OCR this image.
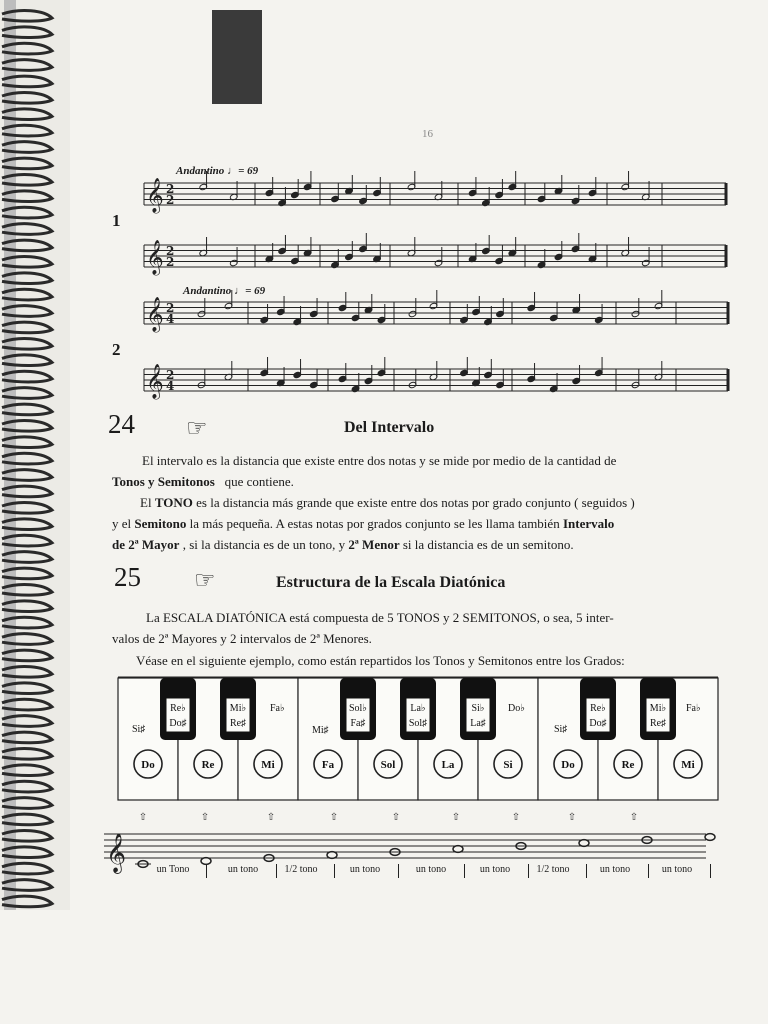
16
Andantino ♩= 69
1
Andantino ♩= 69
2
𝄞 2
2
𝄞 2
2
𝄞 2
4
𝄞 2
4
24 ☞	Del Intervalo
El intervalo es la distancia que existe entre dos notas y se mide por medio de la cantidad de
Tonos y Semitonos que contiene.
El TONO es la distancia más grande que existe entre dos notas por grado conjunto ( seguidos )
y el Semitono la más pequeña. A estas notas por grados conjunto se les llama también Intervalo
de 2ª Mayor , si la distancia es de un tono, y 2ª Menor si la distancia es de un semitono.
25 ☞	Estructura de la Escala Diatónica
La ESCALA DIATÓNICA está compuesta de 5 TONOS y 2 SEMITONOS, o sea, 5 inter-
valos de 2ª Mayores y 2 intervalos de 2ª Menores.
Véase en el siguiente ejemplo, como están repartidos los Tonos y Semitonos entre los Grados:
Re♭
Do♯
Mi♭
Re♯
Sol♭
Fa♯
La♭
Sol♯
Si♭
La♯
Re♭
Do♯
Mi♭
Re♯
Do	Re	Mi	Fa	Sol	La	Si	Do	Re	Mi
Si♯
Fa♭
Mi♯
Do♭
Si♯
Fa♭
⇧	⇧	⇧	⇧	⇧	⇧	⇧	⇧	⇧
𝄞	un Tono	un tono	1/2 tono	un tono	un tono	un tono	1/2 tono	un tono	un tono
